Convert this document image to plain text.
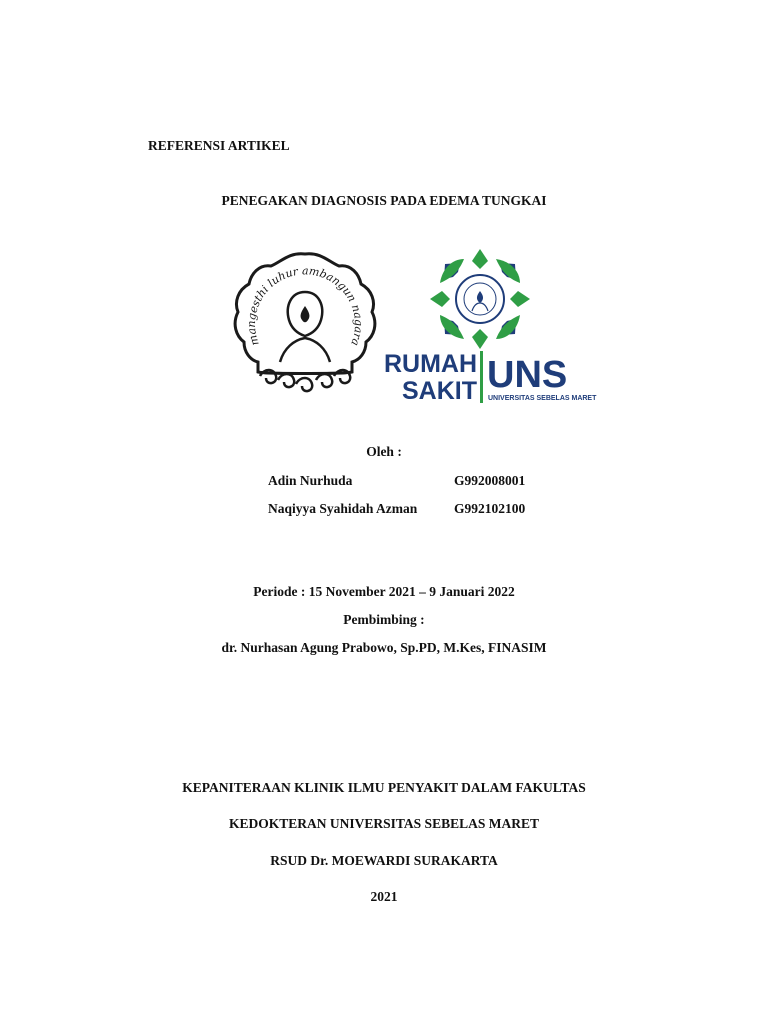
REFERENSI ARTIKEL
PENEGAKAN DIAGNOSIS PADA EDEMA TUNGKAI
mangesthi luhur ambangun nagara
RUMAH
SAKIT UNS
UNIVERSITAS SEBELAS MARET
Oleh :
Adin Nurhuda	G992008001
Naqiyya Syahidah Azman	G992102100
Periode : 15 November 2021 – 9 Januari 2022
Pembimbing :
dr. Nurhasan Agung Prabowo, Sp.PD, M.Kes, FINASIM
KEPANITERAAN KLINIK ILMU PENYAKIT DALAM FAKULTAS
KEDOKTERAN UNIVERSITAS SEBELAS MARET
RSUD Dr. MOEWARDI SURAKARTA
2021
